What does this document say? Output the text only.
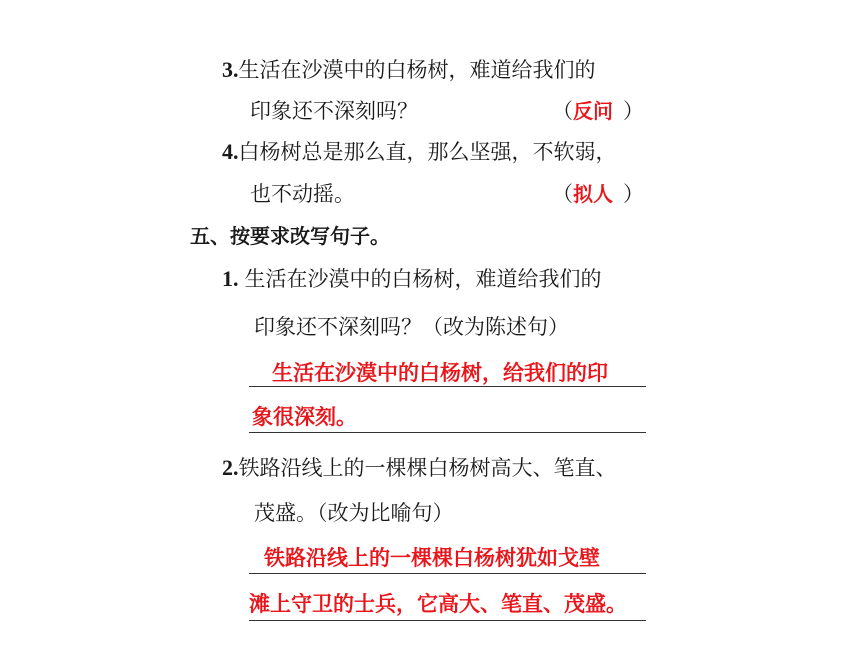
3.生活在沙漠中的白杨树，难道给我们的
印象还不深刻吗？	（反问 ）
4.白杨树总是那么直，那么坚强，不软弱，
也不动摇。	（拟人 ）
五、按要求改写句子。
1. 生活在沙漠中的白杨树，难道给我们的
印象还不深刻吗？（改为陈述句）
生活在沙漠中的白杨树，给我们的印
象很深刻。
2.铁路沿线上的一棵棵白杨树高大、笔直、
茂盛。（改为比喻句）
铁路沿线上的一棵棵白杨树犹如戈壁
滩上守卫的士兵，它高大、笔直、茂盛。
